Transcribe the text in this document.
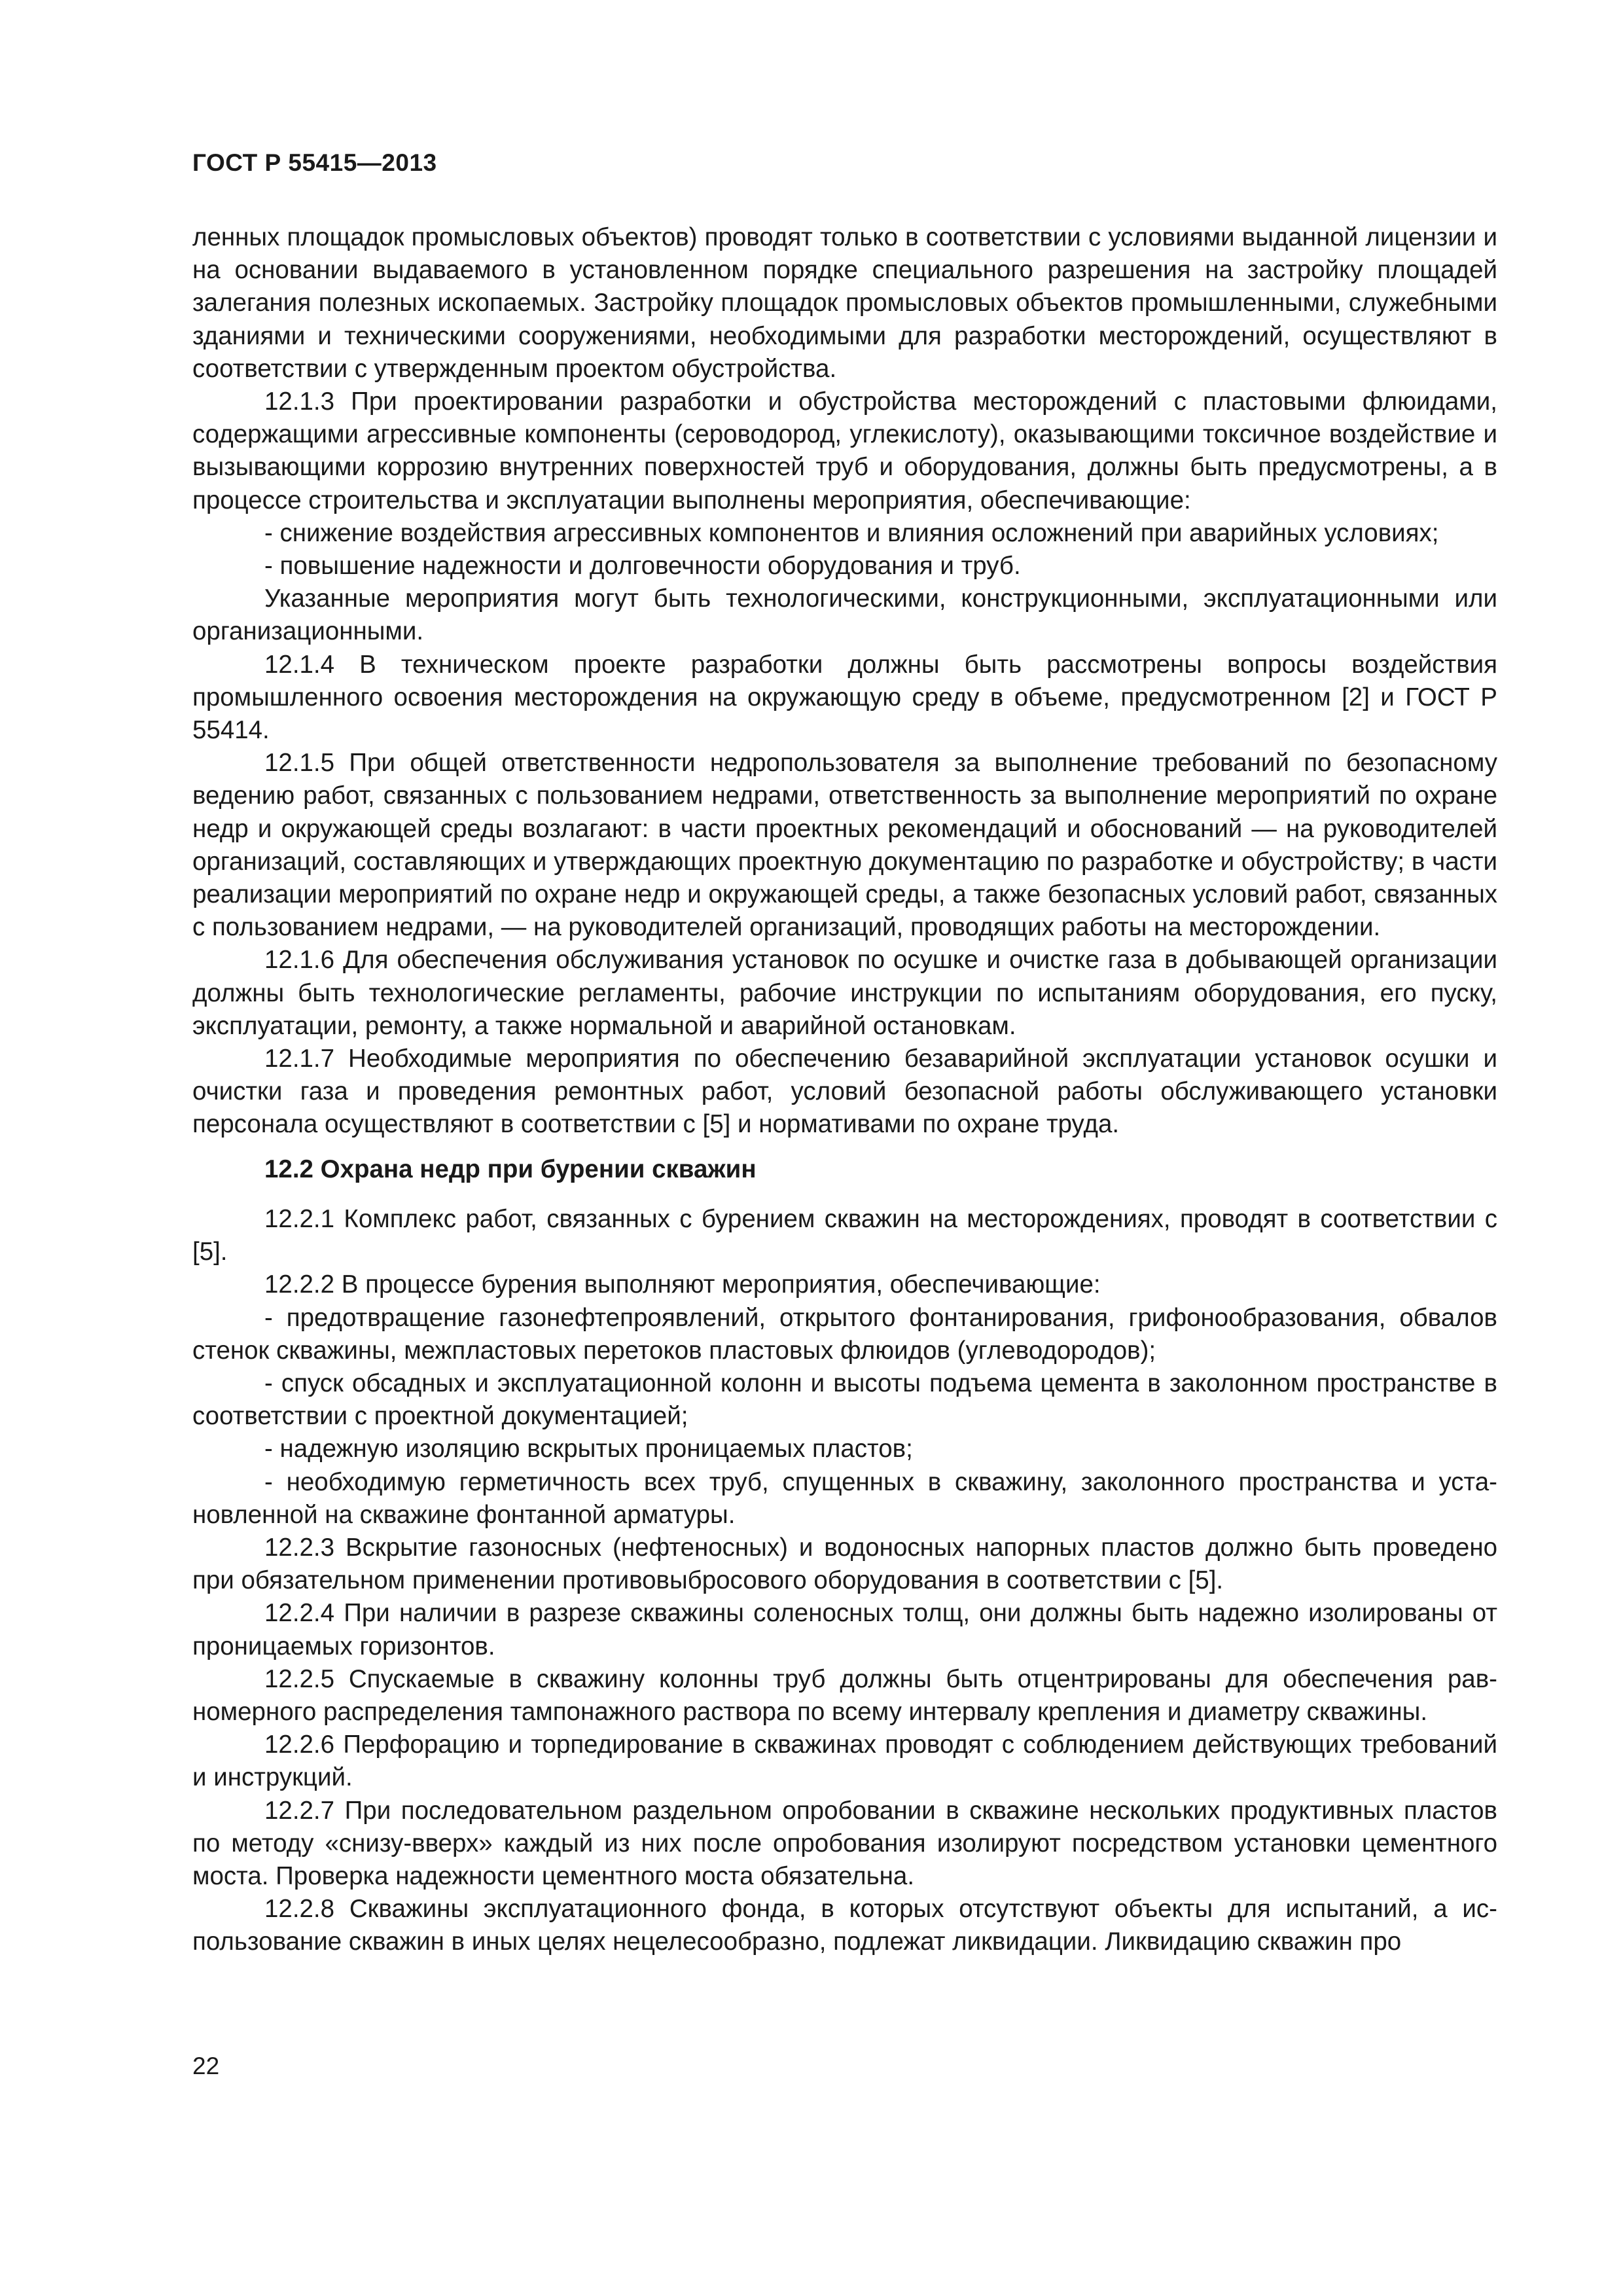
ГОСТ Р 55415—2013

ленных площадок промысловых объектов) проводят только в соответствии с условиями выданной лицензии и на основании выдаваемого в установленном порядке специального разрешения на застройку площадей залегания полезных ископаемых. Застройку площадок промысловых объектов промышленными, служебными зданиями и техническими сооружениями, необходимыми для разработки месторождений, осуществляют в соответствии с утвержденным проектом обустройства.

12.1.3 При проектировании разработки и обустройства месторождений с пластовыми флюидами, содержащими агрессивные компоненты (сероводород, углекислоту), оказывающими токсичное воздействие и вызывающими коррозию внутренних поверхностей труб и оборудования, должны быть предусмотрены, а в процессе строительства и эксплуатации выполнены мероприятия, обеспечивающие:

- снижение воздействия агрессивных компонентов и влияния осложнений при аварийных условиях;

- повышение надежности и долговечности оборудования и труб.

Указанные мероприятия могут быть технологическими, конструкционными, эксплуатационными или организационными.

12.1.4 В техническом проекте разработки должны быть рассмотрены вопросы воздействия промышленного освоения месторождения на окружающую среду в объеме, предусмотренном [2] и ГОСТ Р 55414.

12.1.5 При общей ответственности недропользователя за выполнение требований по безопасному ведению работ, связанных с пользованием недрами, ответственность за выполнение мероприятий по охране недр и окружающей среды возлагают: в части проектных рекомендаций и обоснований — на руководителей организаций, составляющих и утверждающих проектную документацию по разработке и обустройству; в части реализации мероприятий по охране недр и окружающей среды, а также безопасных условий работ, связанных с пользованием недрами, — на руководителей организаций, проводящих работы на месторождении.

12.1.6 Для обеспечения обслуживания установок по осушке и очистке газа в добывающей организации должны быть технологические регламенты, рабочие инструкции по испытаниям оборудования, его пуску, эксплуатации, ремонту, а также нормальной и аварийной остановкам.

12.1.7 Необходимые мероприятия по обеспечению безаварийной эксплуатации установок осушки и очистки газа и проведения ремонтных работ, условий безопасной работы обслуживающего установки персонала осуществляют в соответствии с [5] и нормативами по охране труда.

12.2 Охрана недр при бурении скважин

12.2.1 Комплекс работ, связанных с бурением скважин на месторождениях, проводят в соответствии с [5].

12.2.2 В процессе бурения выполняют мероприятия, обеспечивающие:

- предотвращение газонефтепроявлений, открытого фонтанирования, грифонообразования, обвалов стенок скважины, межпластовых перетоков пластовых флюидов (углеводородов);

- спуск обсадных и эксплуатационной колонн и высоты подъема цемента в заколонном пространстве в соответствии с проектной документацией;

- надежную изоляцию вскрытых проницаемых пластов;

- необходимую герметичность всех труб, спущенных в скважину, заколонного пространства и установленной на скважине фонтанной арматуры.

12.2.3 Вскрытие газоносных (нефтеносных) и водоносных напорных пластов должно быть проведено при обязательном применении противовыбросового оборудования в соответствии с [5].

12.2.4 При наличии в разрезе скважины соленосных толщ, они должны быть надежно изолированы от проницаемых горизонтов.

12.2.5 Спускаемые в скважину колонны труб должны быть отцентрированы для обеспечения равномерного распределения тампонажного раствора по всему интервалу крепления и диаметру скважины.

12.2.6 Перфорацию и торпедирование в скважинах проводят с соблюдением действующих требований и инструкций.

12.2.7 При последовательном раздельном опробовании в скважине нескольких продуктивных пластов по методу «снизу-вверх» каждый из них после опробования изолируют посредством установки цементного моста. Проверка надежности цементного моста обязательна.

12.2.8 Скважины эксплуатационного фонда, в которых отсутствуют объекты для испытаний, а использование скважин в иных целях нецелесообразно, подлежат ликвидации. Ликвидацию скважин про

22
